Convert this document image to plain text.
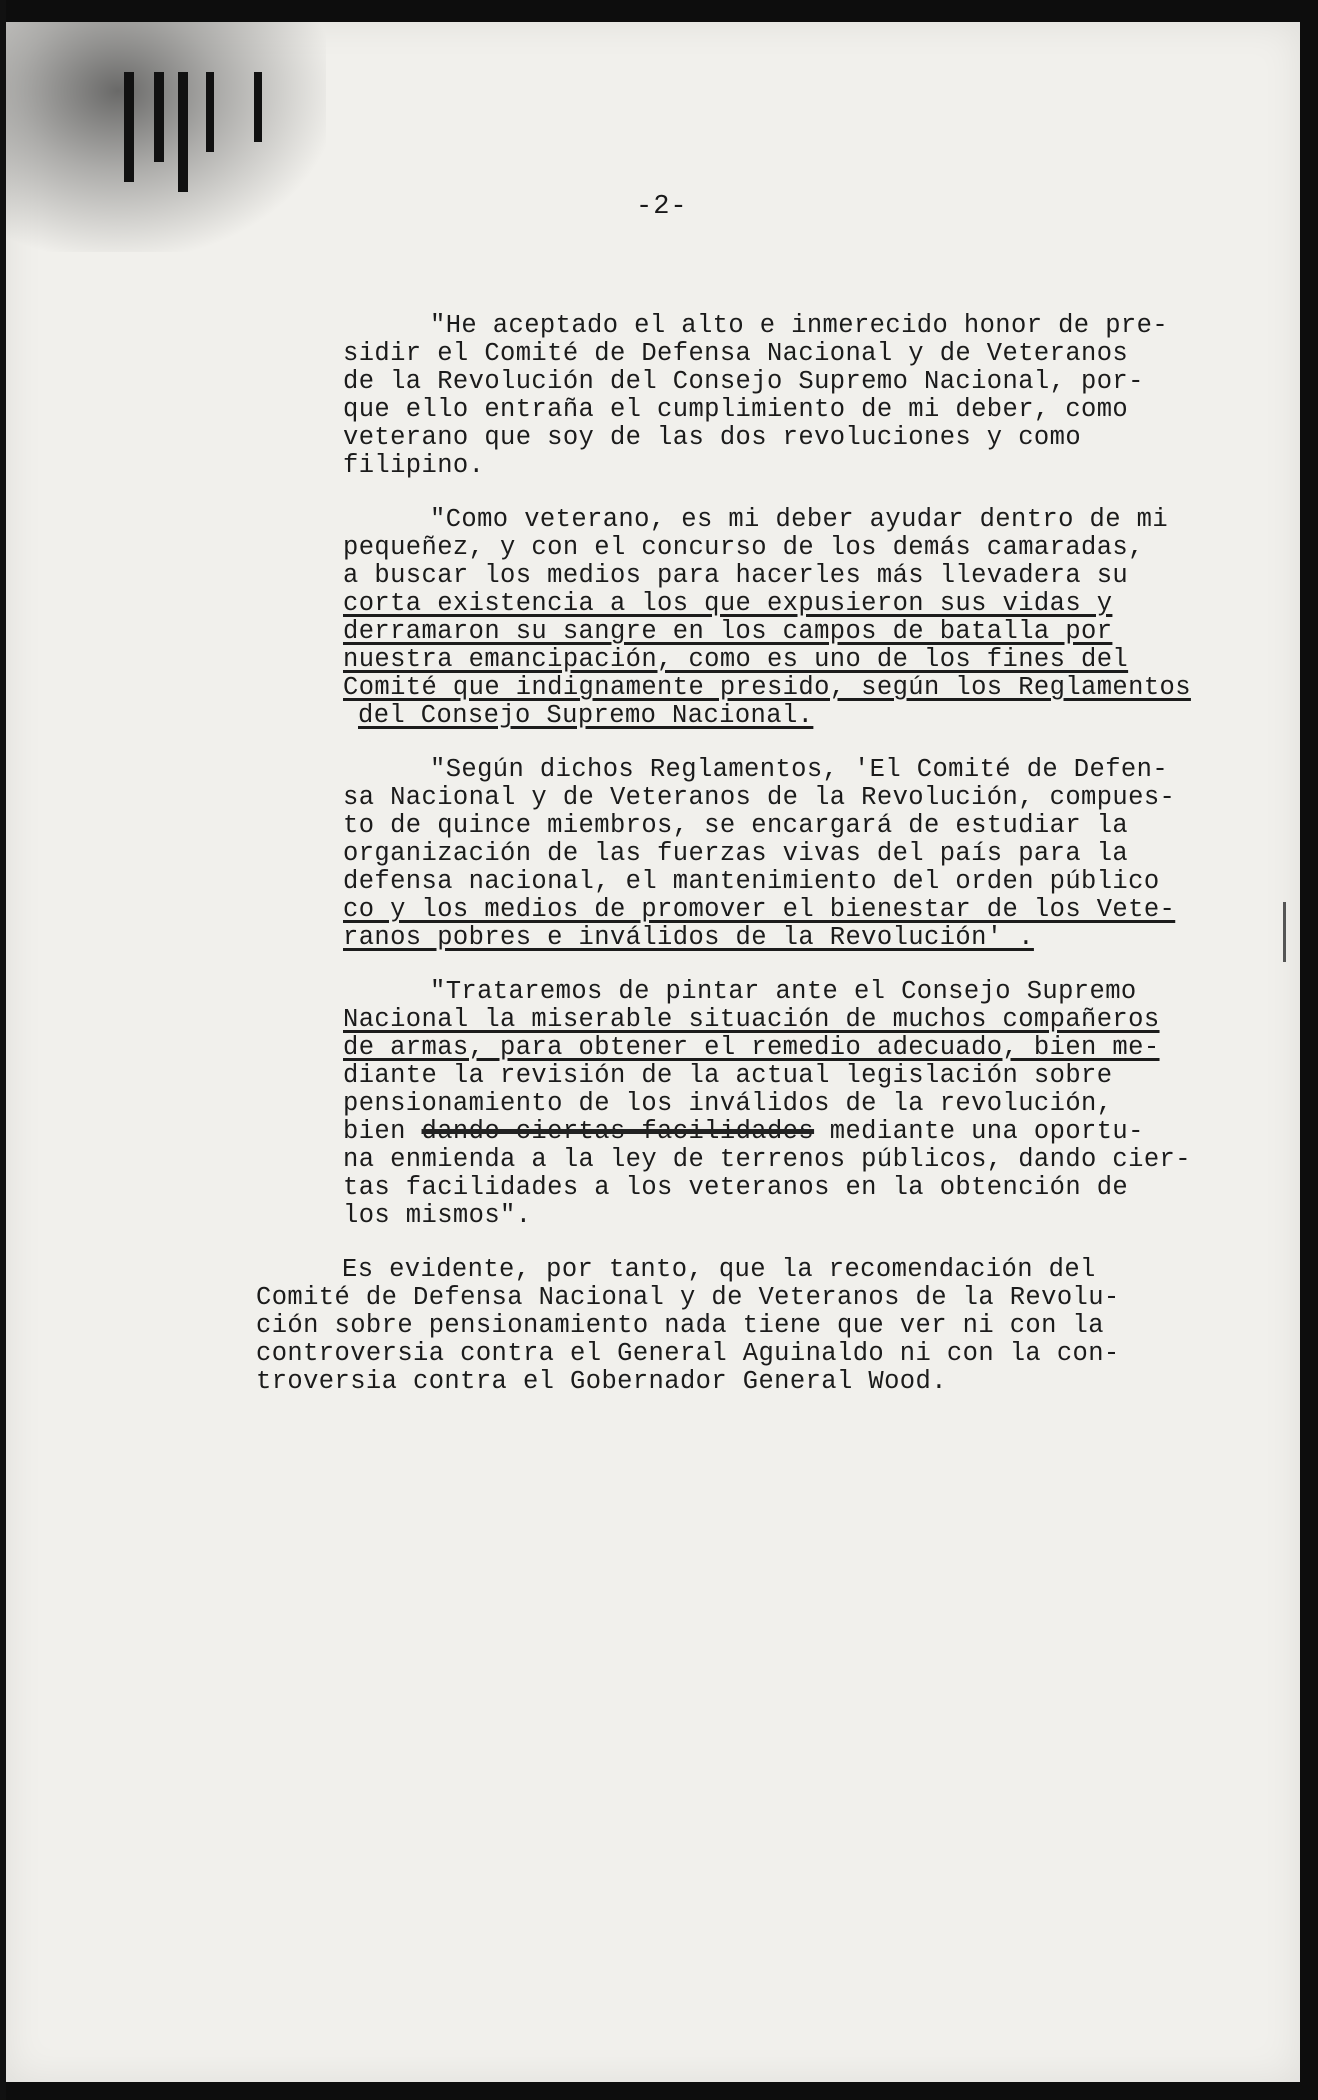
-2-
"He aceptado el alto e inmerecido honor de pre-
sidir el Comité de Defensa Nacional y de Veteranos
de la Revolución del Consejo Supremo Nacional, por-
que ello entraña el cumplimiento de mi deber, como
veterano que soy de las dos revoluciones y como
filipino.
"Como veterano, es mi deber ayudar dentro de mi
pequeñez, y con el concurso de los demás camaradas,
a buscar los medios para hacerles más llevadera su
corta existencia a los que expusieron sus vidas y
derramaron su sangre en los campos de batalla por
nuestra emancipación, como es uno de los fines del
Comité que indignamente presido, según los Reglamentos
del Consejo Supremo Nacional.
"Según dichos Reglamentos, 'El Comité de Defen-
sa Nacional y de Veteranos de la Revolución, compues-
to de quince miembros, se encargará de estudiar la
organización de las fuerzas vivas del país para la
defensa nacional, el mantenimiento del orden público
co y los medios de promover el bienestar de los Vete-
ranos pobres e inválidos de la Revolución' .
"Trataremos de pintar ante el Consejo Supremo
Nacional la miserable situación de muchos compañeros
de armas, para obtener el remedio adecuado, bien me-
diante la revisión de la actual legislación sobre
pensionamiento de los inválidos de la revolución,
bien dando ciertas facilidades mediante una oportu-
na enmienda a la ley de terrenos públicos, dando cier-
tas facilidades a los veteranos en la obtención de
los mismos".
Es evidente, por tanto, que la recomendación del
Comité de Defensa Nacional y de Veteranos de la Revolu-
ción sobre pensionamiento nada tiene que ver ni con la
controversia contra el General Aguinaldo ni con la con-
troversia contra el Gobernador General Wood.
